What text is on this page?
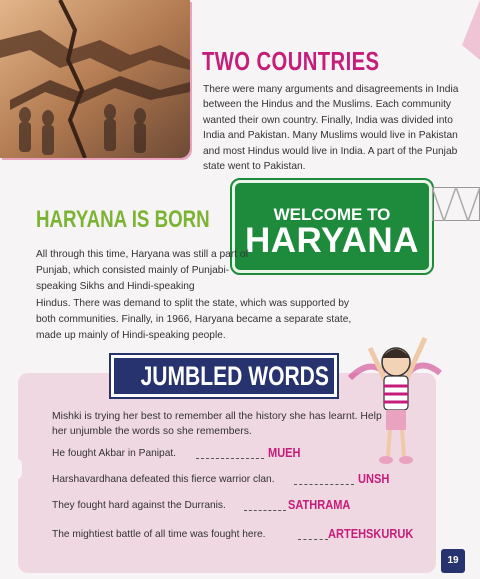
TWO COUNTRIES
There were many arguments and disagreements in India between the Hindus and the Muslims. Each community wanted their own country. Finally, India was divided into India and Pakistan. Many Muslims would live in Pakistan and most Hindus would live in India. A part of the Punjab state went to Pakistan.
WELCOME TO
HARYANA
HARYANA IS BORN
All through this time, Haryana was still a part of Punjab, which consisted mainly of Punjabi-speaking Sikhs and Hindi-speaking
Hindus. There was demand to split the state, which was supported by both communities. Finally, in 1966, Haryana became a separate state, made up mainly of Hindi-speaking people.
JUMBLED WORDS
Mishki is trying her best to remember all the history she has learnt. Help her unjumble the words so she remembers.
He fought Akbar in Panipat.	MUEH
Harshavardhana defeated this fierce warrior clan.	UNSH
They fought hard against the Durranis.	SATHRAMA
The mightiest battle of all time was fought here.	ARTEHSKURUK
19
